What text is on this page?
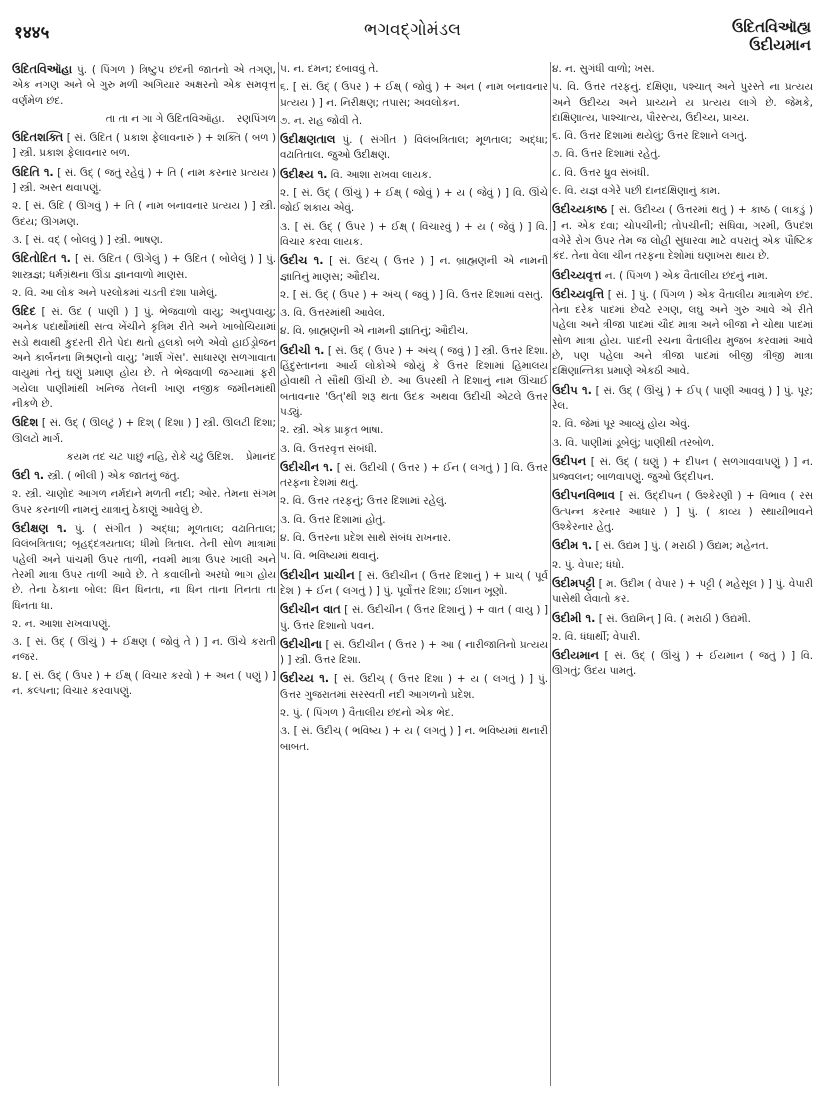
१४४५	ભગવદ્ગોમંડલ	ઉદિતવિઑહ્ય
ઉદીયમાન
ઉદિતવિઑહા પું. ( પિંગળ ) ત્રિષ્ટુપ છંદની જાતનો એ તગણ, એક નગણ અને બે ગુરુ મળી અગિયાર અક્ષરનો એક સમવૃત્ત વર્ણમેળ છંદ.
તા તા ન ગા ગે ઉદિતવિઑહા. રણપિંગળ
ઉદિતશક્તિ [ સં. ઉદિત ( પ્રકાશ ફેલાવનારું ) + શક્તિ ( બળ ) ] સ્ત્રી. પ્રકાશ ફેલાવનાર બળ.
ઉદિતિ ૧. [ સં. ઉદ્ ( જતું રહેવું ) + તિ ( નામ કરનાર પ્રત્યય ) ] સ્ત્રી. અસ્ત થવાપણું.
૨. [ સં. ઉદિ ( ઊગવું ) + તિ ( નામ બનાવનાર પ્રત્યય ) ] સ્ત્રી. ઉદય; ઊગમણ.
૩. [ સં. વદ્ ( બોલવું ) ] સ્ત્રી. ભાષણ.
ઉદિતોદિત ૧. [ સં. ઉદિત ( ઊગેલું ) + ઉદિત ( બોલેલું ) ] પું. શાસ્ત્રજ્ઞ; ધર્મગ્રંથના ઊંડા જ્ઞાનવાળો માણસ.
૨. વિ. આ લોક અને પરલોકમાં ચડતી દશા પામેલું.
ઉદિદ [ સં. ઉદ ( પાણી ) ] પું. ભેજવાળો વાયુ; અનુપવાયુ; અનેક પદાર્થોમાંથી સત્વ ખેંચીને કૃત્રિમ રીતે અને ખાબોચિયામાં સડો થવાથી કુદરતી રીતે પેદા થતો હલકો બળે એવો હાઈડ્રોજન અને કાર્બનના મિશ્રણનો વાયુ; 'માર્શ ગૅસ'. સાધારણ સળગાવાતા વાયુમાં તેનું ઘણું પ્રમાણ હોય છે. તે ભેજવાળી જગ્યામાં ફરી ગયેલા પાણીમાંથી ખનિજ તેલની ખાણ નજીક જમીનમાંથી નીકળે છે.
ઉદિશ [ સં. ઉદ્ ( ઊલટું ) + દિશ્ ( દિશા ) ] સ્ત્રી. ઊલટી દિશા; ઊલટો માર્ગ.
કયમ તદ ચટ પાછું નહિ, રોકે ચઢું ઉદિશ. પ્રેમાનંદ
ઉદી ૧. સ્ત્રી. ( ભીલી ) એક જાતનું જંતુ.
૨. સ્ત્રી. ચાણોદ આગળ નર્મદાને મળતી નદી; ઓર. તેમના સંગમ ઉપર કરનાળી નામનું યાત્રાનું ઠેકાણું આવેલું છે.
ઉદીક્ષણ ૧. પું. ( સંગીત ) અદ્ધા; મૂળતાલ; વઢાતિતાલ; વિલંબત્રિતાલ; બૃહદ્દત્રયતાલ; ધીમો ત્રિતાલ. તેની સોળ માત્રામાં પહેલી અને પાંચમી ઉપર તાળી, નવમી માત્રા ઉપર ખાલી અને તેરમી માત્રા ઉપર તાળી આવે છે. તે કવાલીનો અરધો ભાગ હોય છે. તેના ઠેકાના બોલ: ધિન ધિનતા, ના ધિન તાના તિનતા તા ધિનતા ધા.
૨. ન. આશા રાખવાપણું.
૩. [ સં. ઉદ્ ( ઊંચું ) + ઈક્ષણ ( જોવું તે ) ] ન. ઊંચે કરાતી નજર.
૪. [ સં. ઉદ્ ( ઉપર ) + ઈક્ષ્ ( વિચાર કરવો ) + અન ( પણું ) ] ન. કલ્પના; વિચાર કરવાપણું.
૫. ન. દમન; દબાવવું તે.
૬. [ સં. ઉદ્ ( ઉપર ) + ઈક્ષ્ ( જોવું ) + અન ( નામ બનાવનાર પ્રત્યય ) ] ન. નિરીક્ષણ; તપાસ; અવલોકન.
૭. ન. રાહ જોવી તે.
ઉદીક્ષણતાલ પું. ( સંગીત ) વિલંબત્રિતાલ; મૂળતાલ; અદ્ધા; વઢાતિતાલ. જુઓ ઉદીક્ષણ.
ઉદીક્ષ્ય ૧. વિ. આશા રાખવા લાયક.
૨. [ સં. ઉદ્ ( ઊંચું ) + ઈક્ષ્ ( જોવું ) + ય ( જેવું ) ] વિ. ઊંચે જોઈ શકાય એવું.
૩. [ સં. ઉદ્ ( ઉપર ) + ઈક્ષ્ ( વિચારવું ) + ય ( જેવું ) ] વિ. વિચાર કરવા લાયક.
ઉદીચ ૧. [ સં. ઉદચ્ ( ઉત્તર ) ] ન. બ્રાહ્મણની એ નામની જ્ઞાતિનું માણસ; ઔદીચ.
૨. [ સં. ઉદ્ ( ઉપર ) + અંચ્ ( જવું ) ] વિ. ઉત્તર દિશામાં વસતું.
૩. વિ. ઉત્તરમાંથી આવેલ.
૪. વિ. બ્રાહ્મણની એ નામની જ્ઞાતિનું; ઔદીચ.
ઉદીચી ૧. [ સં. ઉદ્ ( ઉપર ) + અંચ્ ( જવું ) ] સ્ત્રી. ઉત્તર દિશા. હિંદુસ્તાનના આર્ય લોકોએ જોયું કે ઉત્તર દિશામાં હિમાલય હોવાથી તે સૌથી ઊંચી છે. આ ઉપરથી તે દિશાનું નામ ઊંચાઈ બતાવનાર 'ઉત્'થી શરૂ થતા ઉદક અથવા ઉદીચી એટલે ઉત્તર પડ્યું.
૨. સ્ત્રી. એક પ્રાકૃત ભાષા.
૩. વિ. ઉત્તરવૃત્ત સંબંધી.
ઉદીચીન ૧. [ સં. ઉદીચી ( ઉત્તર ) + ઈન ( લગતું ) ] વિ. ઉત્તર તરફના દેશમાં થતું.
૨. વિ. ઉત્તર તરફનું; ઉત્તર દિશામાં રહેલું.
૩. વિ. ઉત્તર દિશામાં હોતું.
૪. વિ. ઉત્તરના પ્રદેશ સાથે સંબંધ રાખનાર.
૫. વિ. ભવિષ્યમાં થવાનું.
ઉદીચીન પ્રાચીન [ સં. ઉદીચીન ( ઉત્તર દિશાનું ) + પ્રાચ્ ( પૂર્વ દેશ ) + ઈન ( લગતું ) ] પું. પૂર્વોત્તર દિશા; ઈશાન ખૂણો.
ઉદીચીન વાત [ સં. ઉદીચીન ( ઉત્તર દિશાનું ) + વાત ( વાયુ ) ] પું. ઉત્તર દિશાનો પવન.
ઉદીચીના [ સં. ઉદીચીન ( ઉત્તર ) + આ ( નારીજાતિનો પ્રત્યય ) ] સ્ત્રી. ઉત્તર દિશા.
ઉદીચ્ય ૧. [ સં. ઉદીચ્ ( ઉત્તર દિશા ) + ય ( લગતું ) ] પું. ઉત્તર ગુજરાતમાં સરસ્વતી નદી આગળનો પ્રદેશ.
૨. પું. ( પિંગળ ) વૈતાલીય છંદનો એક ભેદ.
૩. [ સં. ઉદીચ્ ( ભવિષ્ય ) + ય ( લગતું ) ] ન. ભવિષ્યમાં થનારી બાબત.
૪. ન. સુગંધી વાળો; ખસ.
૫. વિ. ઉત્તર તરફનું. દક્ષિણા, પશ્ચાત્ અને પુરસ્તે ના પ્રત્યય અને ઉદીચ્ય અને પ્રાચ્યને ય પ્રત્યય લાગે છે. જેમકે, દાક્ષિણાત્ય, પાશ્ચાત્ય, પૌરસ્ત્ય, ઉદીચ્ય, પ્રાચ્ય.
૬. વિ. ઉત્તર દિશામાં થયેલું; ઉત્તર દિશાને લગતું.
૭. વિ. ઉત્તર દિશામાં રહેતું.
૮. વિ. ઉત્તર ધ્રુવ સંબંધી.
૯. વિ. યજ્ઞ વગેરે પછી દાનદક્ષિણાનું કામ.
ઉદીચ્યકાષ્ઠ [ સં. ઉદીચ્ય ( ઉત્તરમાં થતું ) + કાષ્ઠ ( લાકડું ) ] ન. એક દવા; ચોપચીની; તોપચીની; સંધિવા, ગરમી, ઉપદંશ વગેરે રોગ ઉપર તેમ જ લોહી સુધારવા માટે વપરાતું એક પૌષ્ટિક કંદ. તેના વેલા ચીન તરફના દેશોમાં ઘણાખરા થાય છે.
ઉદીચ્યવૃત્ત ન. ( પિંગળ ) એક વૈતાલીય છંદનું નામ.
ઉદીચ્યવૃત્તિ [ સં. ] પું. ( પિંગળ ) એક વૈતાલીય માત્રામેળ છંદ. તેના દરેક પાદમાં છેવટે રગણ, લઘુ અને ગુરુ આવે એ રીતે પહેલા અને ત્રીજા પાદમાં ચૌદ માત્રા અને બીજા ને ચોથા પાદમાં સોળ માત્રા હોય. પાદની રચના વૈતાલીય મુજબ કરવામાં આવે છે, પણ પહેલા અને ત્રીજા પાદમાં બીજી ત્રીજી માત્રા દક્ષિણાન્તિકા પ્રમાણે એકઠી આવે.
ઉદીપ ૧. [ સં. ઉદ્ ( ઊંચું ) + ઈપ્ ( પાણી આવવું ) ] પું. પૂર; રેલ.
૨. વિ. જેમાં પૂર આવ્યું હોય એવું.
૩. વિ. પાણીમાં ડૂબેલું; પાણીથી તરબોળ.
ઉદીપન [ સં. ઉદ્ ( ઘણું ) + દીપન ( સળગાવવાપણું ) ] ન. પ્રજ્વલન; બાળવાપણું. જુઓ ઉદ્દીપન.
ઉદીપનવિભાવ [ સં. ઉદ્દીપન ( ઉશ્કેરણી ) + વિભાવ ( રસ ઉત્પન્ન કરનાર આધાર ) ] પું. ( કાવ્ય ) સ્થાયીભાવને ઉશ્કેરનાર હેતુ.
ઉદીમ ૧. [ સં. ઉદ્યમ ] પું. ( મરાઠી ) ઉદ્યમ; મહેનત.
૨. પું. વેપાર; ધંધો.
ઉદીમપટ્ટી [ મ. ઉદીમ ( વેપાર ) + પટ્ટી ( મહેસૂલ ) ] પું. વેપારી પાસેથી લેવાતો કર.
ઉદીમી ૧. [ સં. ઉદ્યમિન્ ] વિ. ( મરાઠી ) ઉદ્યમી.
૨. વિ. ધંધાર્થી; વેપારી.
ઉદીયમાન [ સં. ઉદ્ ( ઊંચું ) + ઈયમાન ( જતું ) ] વિ. ઊગતું; ઉદય પામતું.
